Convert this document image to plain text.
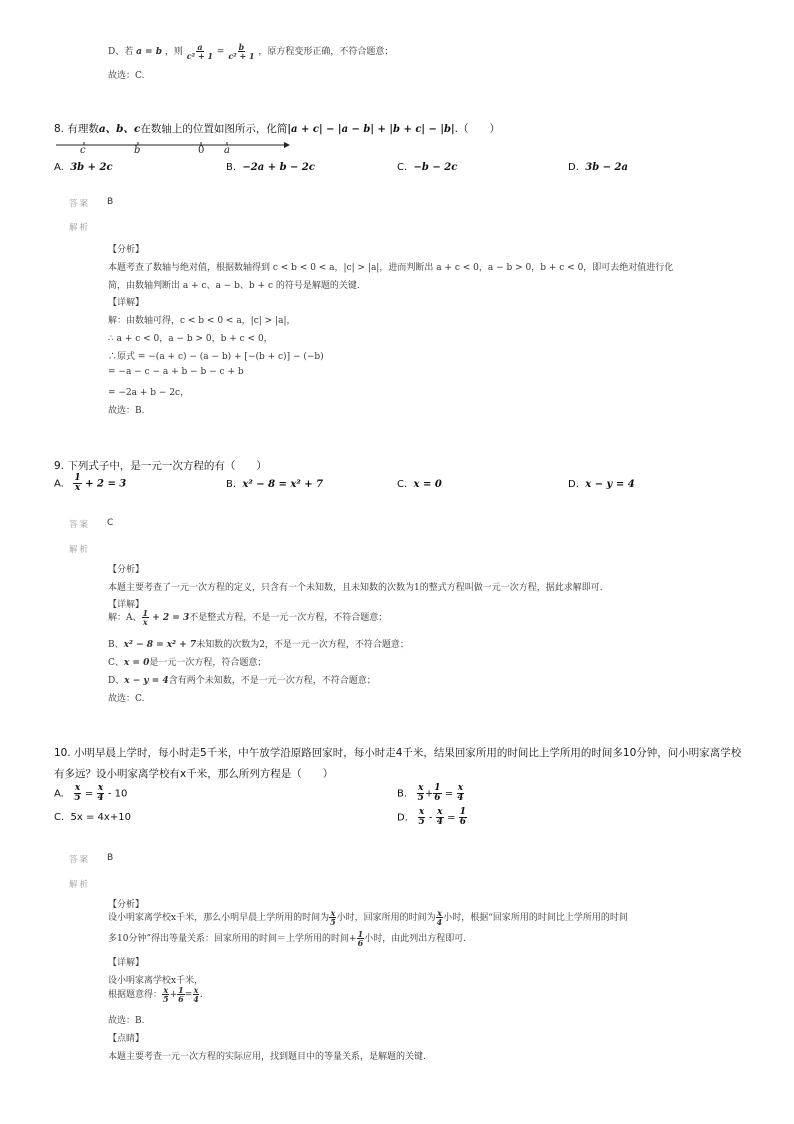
D、若 a = b ，则 $\frac{a}{\text{c² + 1}} = \frac{b}{\text{c² + 1}}$ ，原方程变形正确，不符合题意；
故选：C.
8. 有理数a、b、c在数轴上的位置如图所示，化简|a + c| − |a − b| + |b + c| − |b|.（　　）
c	b	0 a
A. 3b + 2c	B. −2a + b − 2c	C. −b − 2c	D. 3b − 2a
答案 B
解析
【分析】
本题考查了数轴与绝对值，根据数轴得到 c < b < 0 < a，|c| > |a|，进而判断出 a + c < 0，a − b > 0，b + c < 0，即可去绝对值进行化
简，由数轴判断出 a + c、a − b、b + c 的符号是解题的关键.
【详解】
解：由数轴可得，c < b < 0 < a，|c| > |a|，
∴ a + c < 0，a − b > 0，b + c < 0，
∴原式 = −(a + c) − (a − b) + [−(b + c)] − (−b)
= −a − c − a + b − b − c + b
= −2a + b − 2c，
故选：B.
9. 下列式子中，是一元一次方程的有（　　）
A. $\frac{1}{x} + 2 = 3$	B. x² − 8 = x² + 7	C. x = 0	D. x − y = 4
答案 C
解析
【分析】
本题主要考查了一元一次方程的定义，只含有一个未知数，且未知数的次数为1的整式方程叫做一元一次方程，据此求解即可.
【详解】
解：A、 $\frac{1}{x} + 2 = 3$不是整式方程，不是一元一次方程，不符合题意；
B、x² − 8 = x² + 7未知数的次数为2，不是一元一次方程，不符合题意；
C、x = 0是一元一次方程，符合题意；
D、x − y = 4含有两个未知数，不是一元一次方程，不符合题意；
故选：C.
10. 小明早晨上学时，每小时走5千米，中午放学沿原路回家时，每小时走4千米，结果回家所用的时间比上学所用的时间多10分钟，问小明家离学校
有多远？设小明家离学校有x千米，那么所列方程是（　　）
A. $\frac{x}{5} = \frac{x}{4} - 10$	B. $\frac{x}{5} + \frac{1}{6} = \frac{x}{4}$
C. 5x = 4x+10	D. $\frac{x}{5} - \frac{x}{4} = \frac{1}{6}$
答案 B
解析
【分析】
设小明家离学校x千米，那么小明早晨上学所用的时间为 $\frac{x}{5}$ 小时，回家所用的时间为 $\frac{x}{4}$ 小时，根据“回家所用的时间比上学所用的时间
多10分钟”得出等量关系：回家所用的时间＝上学所用的时间+ $\frac{1}{6}$ 小时，由此列出方程即可.
【详解】
设小明家离学校x千米，
根据题意得： $\frac{x}{5} + \frac{1}{6} = \frac{x}{4}$ .
故选：B.
【点睛】
本题主要考查一元一次方程的实际应用，找到题目中的等量关系，是解题的关键.
